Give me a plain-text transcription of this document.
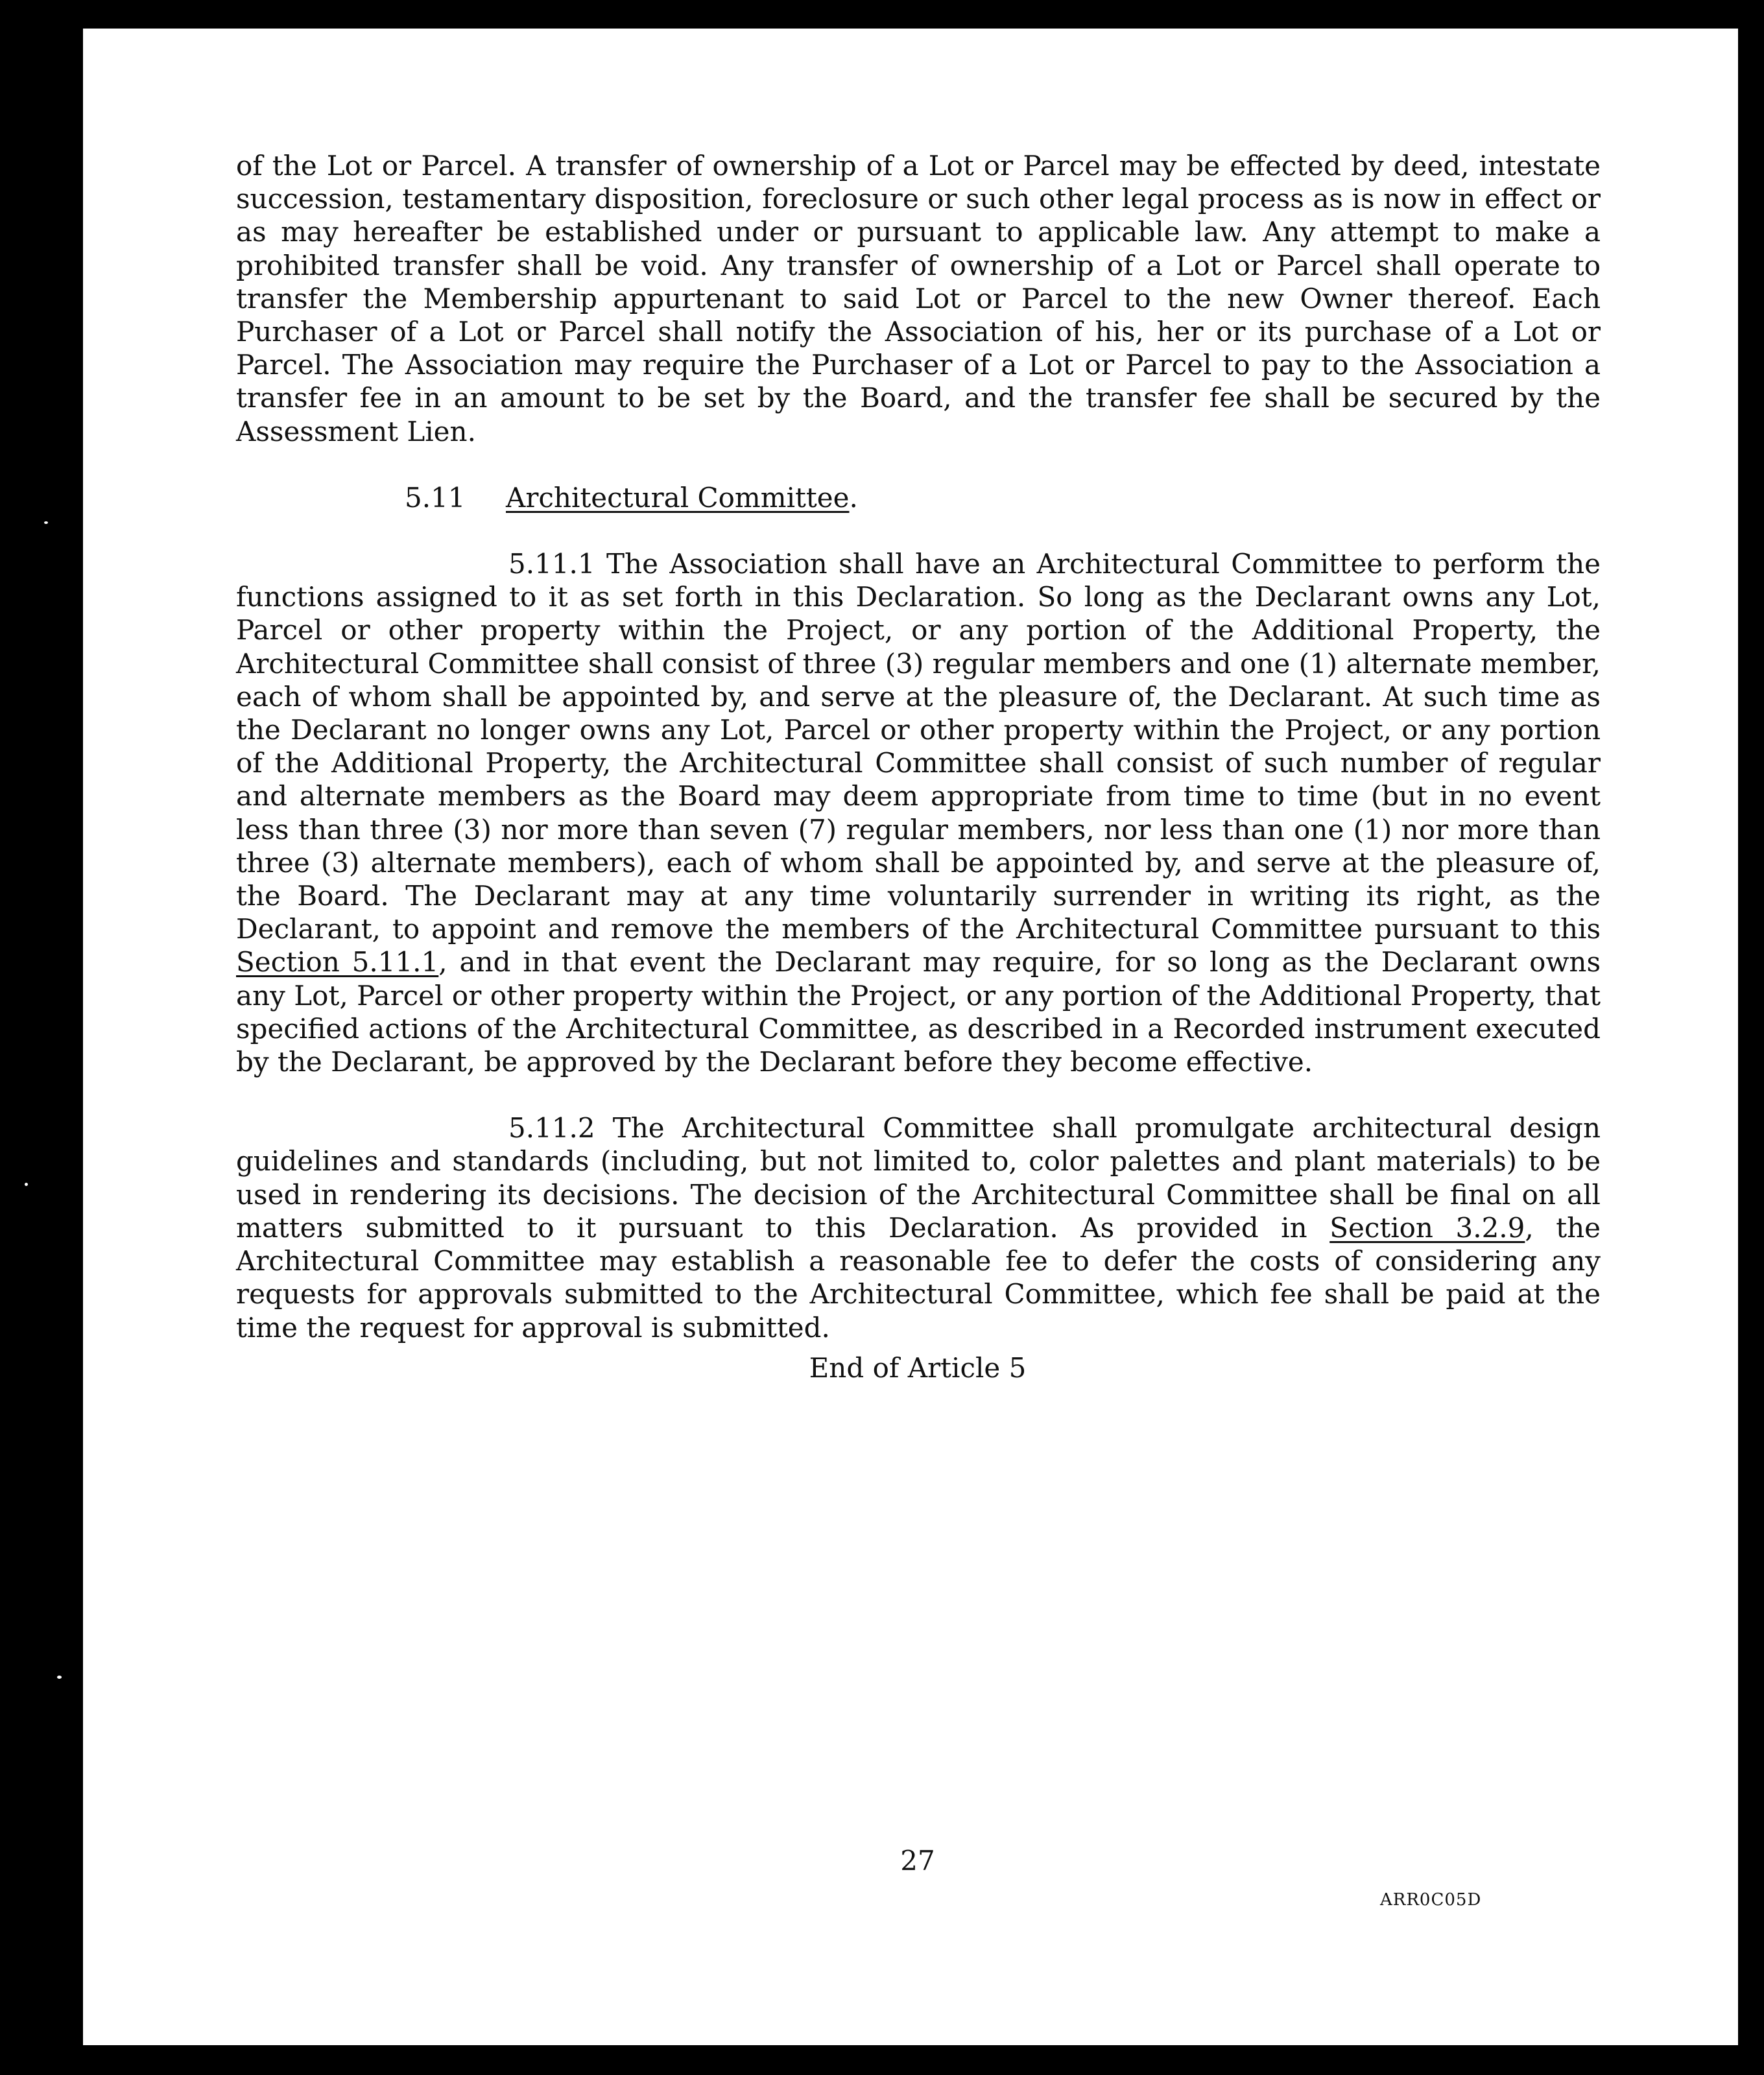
of the Lot or Parcel. A transfer of ownership of a Lot or Parcel may be effected by deed, intestate succession, testamentary disposition, foreclosure or such other legal process as is now in effect or as may hereafter be established under or pursuant to applicable law. Any attempt to make a prohibited transfer shall be void. Any transfer of ownership of a Lot or Parcel shall operate to transfer the Membership appurtenant to said Lot or Parcel to the new Owner thereof. Each Purchaser of a Lot or Parcel shall notify the Association of his, her or its purchase of a Lot or Parcel. The Association may require the Purchaser of a Lot or Parcel to pay to the Association a transfer fee in an amount to be set by the Board, and the transfer fee shall be secured by the Assessment Lien.

5.11 Architectural Committee.

5.11.1 The Association shall have an Architectural Committee to perform the functions assigned to it as set forth in this Declaration. So long as the Declarant owns any Lot, Parcel or other property within the Project, or any portion of the Additional Property, the Architectural Committee shall consist of three (3) regular members and one (1) alternate member, each of whom shall be appointed by, and serve at the pleasure of, the Declarant. At such time as the Declarant no longer owns any Lot, Parcel or other property within the Project, or any portion of the Additional Property, the Architectural Committee shall consist of such number of regular and alternate members as the Board may deem appropriate from time to time (but in no event less than three (3) nor more than seven (7) regular members, nor less than one (1) nor more than three (3) alternate members), each of whom shall be appointed by, and serve at the pleasure of, the Board. The Declarant may at any time voluntarily surrender in writing its right, as the Declarant, to appoint and remove the members of the Architectural Committee pursuant to this Section 5.11.1, and in that event the Declarant may require, for so long as the Declarant owns any Lot, Parcel or other property within the Project, or any portion of the Additional Property, that specified actions of the Architectural Committee, as described in a Recorded instrument executed by the Declarant, be approved by the Declarant before they become effective.

5.11.2 The Architectural Committee shall promulgate architectural design guidelines and standards (including, but not limited to, color palettes and plant materials) to be used in rendering its decisions. The decision of the Architectural Committee shall be final on all matters submitted to it pursuant to this Declaration. As provided in Section 3.2.9, the Architectural Committee may establish a reasonable fee to defer the costs of considering any requests for approvals submitted to the Architectural Committee, which fee shall be paid at the time the request for approval is submitted.

End of Article 5
27
ARR0C05D
